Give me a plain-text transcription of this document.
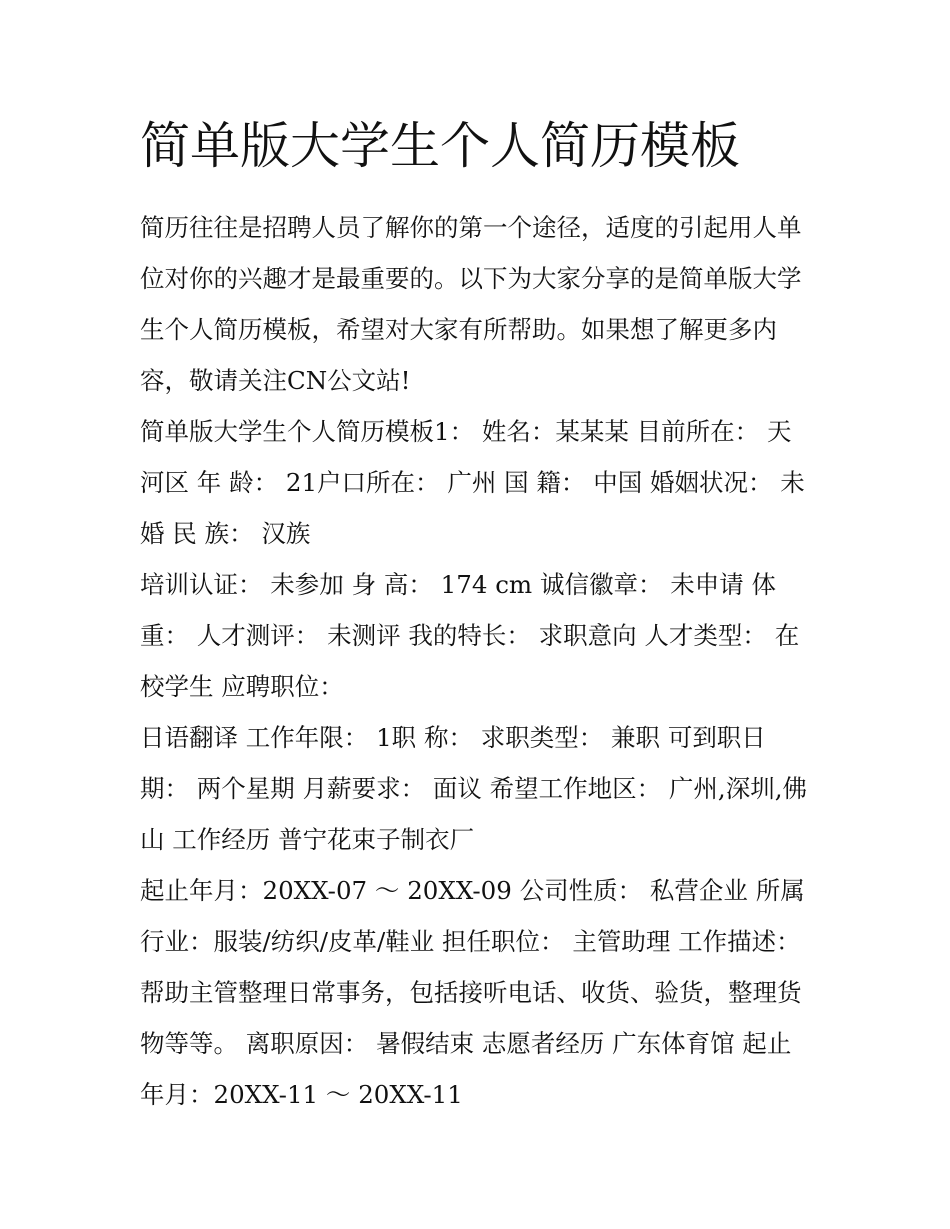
简单版大学生个人简历模板

简历往往是招聘人员了解你的第一个途径，适度的引起用人单位对你的兴趣才是最重要的。以下为大家分享的是简单版大学生个人简历模板，希望对大家有所帮助。如果想了解更多内容，敬请关注CN公文站!

简单版大学生个人简历模板1： 姓名：某某某 目前所在： 天河区 年 龄： 21户口所在： 广州 国 籍： 中国 婚姻状况： 未婚 民 族： 汉族

培训认证： 未参加 身 高： 174 cm 诚信徽章： 未申请 体 重： 人才测评： 未测评 我的特长： 求职意向 人才类型： 在校学生 应聘职位：

日语翻译 工作年限： 1职 称： 求职类型： 兼职 可到职日期： 两个星期 月薪要求： 面议 希望工作地区： 广州,深圳,佛山 工作经历 普宁花束子制衣厂

起止年月：20XX-07 ～ 20XX-09 公司性质： 私营企业 所属行业：服装/纺织/皮革/鞋业 担任职位： 主管助理 工作描述：帮助主管整理日常事务，包括接听电话、收货、验货，整理货物等等。 离职原因： 暑假结束 志愿者经历 广东体育馆 起止年月：20XX-11 ～ 20XX-11
